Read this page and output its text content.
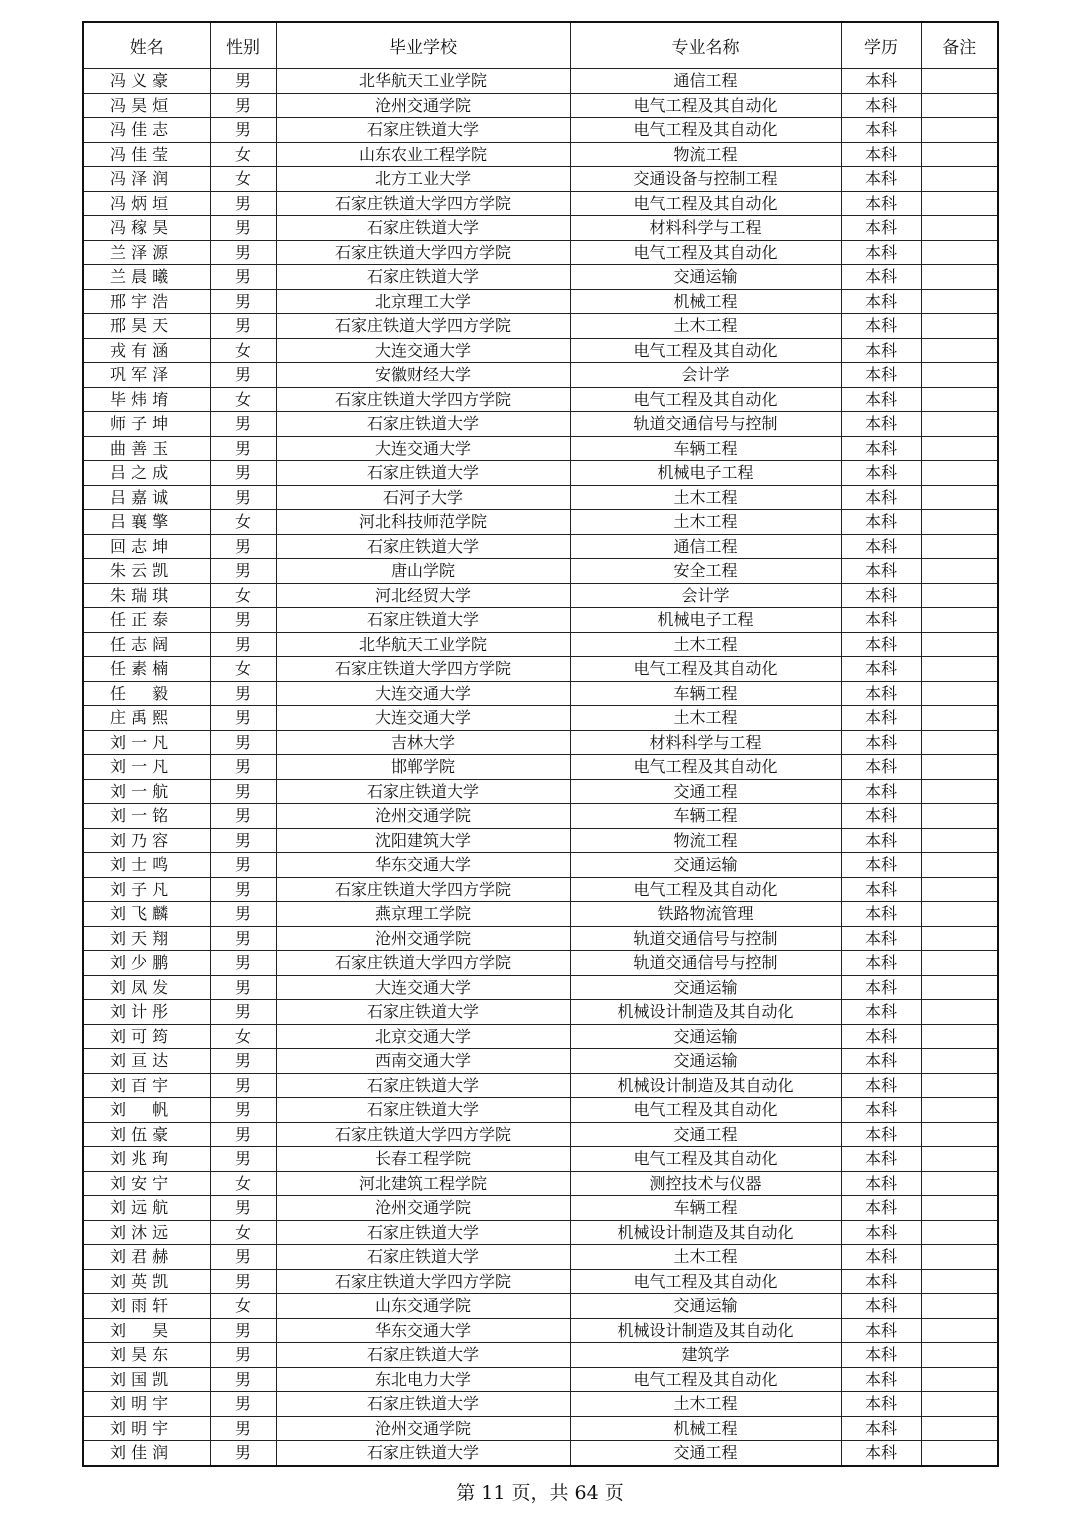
姓名	性别	毕业学校	专业名称	学历	备注
冯 义 豪	男	北华航天工业学院	通信工程	本科	
冯 昊 烜	男	沧州交通学院	电气工程及其自动化	本科	
冯 佳 志	男	石家庄铁道大学	电气工程及其自动化	本科	
冯 佳 莹	女	山东农业工程学院	物流工程	本科	
冯 泽 润	女	北方工业大学	交通设备与控制工程	本科	
冯 炳 垣	男	石家庄铁道大学四方学院	电气工程及其自动化	本科	
冯 稼 昊	男	石家庄铁道大学	材料科学与工程	本科	
兰 泽 源	男	石家庄铁道大学四方学院	电气工程及其自动化	本科	
兰 晨 曦	男	石家庄铁道大学	交通运输	本科	
邢 宇 浩	男	北京理工大学	机械工程	本科	
邢 昊 天	男	石家庄铁道大学四方学院	土木工程	本科	
戎 有 涵	女	大连交通大学	电气工程及其自动化	本科	
巩 军 泽	男	安徽财经大学	会计学	本科	
毕 炜 堉	女	石家庄铁道大学四方学院	电气工程及其自动化	本科	
师 子 坤	男	石家庄铁道大学	轨道交通信号与控制	本科	
曲 善 玉	男	大连交通大学	车辆工程	本科	
吕 之 成	男	石家庄铁道大学	机械电子工程	本科	
吕 嘉 诚	男	石河子大学	土木工程	本科	
吕 襄 擎	女	河北科技师范学院	土木工程	本科	
回 志 坤	男	石家庄铁道大学	通信工程	本科	
朱 云 凯	男	唐山学院	安全工程	本科	
朱 瑞 琪	女	河北经贸大学	会计学	本科	
任 正 泰	男	石家庄铁道大学	机械电子工程	本科	
任 志 阔	男	北华航天工业学院	土木工程	本科	
任 素 楠	女	石家庄铁道大学四方学院	电气工程及其自动化	本科	
任 　 毅	男	大连交通大学	车辆工程	本科	
庄 禹 熙	男	大连交通大学	土木工程	本科	
刘 一 凡	男	吉林大学	材料科学与工程	本科	
刘 一 凡	男	邯郸学院	电气工程及其自动化	本科	
刘 一 航	男	石家庄铁道大学	交通工程	本科	
刘 一 铭	男	沧州交通学院	车辆工程	本科	
刘 乃 容	男	沈阳建筑大学	物流工程	本科	
刘 士 鸣	男	华东交通大学	交通运输	本科	
刘 子 凡	男	石家庄铁道大学四方学院	电气工程及其自动化	本科	
刘 飞 麟	男	燕京理工学院	铁路物流管理	本科	
刘 天 翔	男	沧州交通学院	轨道交通信号与控制	本科	
刘 少 鹏	男	石家庄铁道大学四方学院	轨道交通信号与控制	本科	
刘 凤 发	男	大连交通大学	交通运输	本科	
刘 计 彤	男	石家庄铁道大学	机械设计制造及其自动化	本科	
刘 可 筠	女	北京交通大学	交通运输	本科	
刘 亘 达	男	西南交通大学	交通运输	本科	
刘 百 宇	男	石家庄铁道大学	机械设计制造及其自动化	本科	
刘 　 帆	男	石家庄铁道大学	电气工程及其自动化	本科	
刘 伍 豪	男	石家庄铁道大学四方学院	交通工程	本科	
刘 兆 珣	男	长春工程学院	电气工程及其自动化	本科	
刘 安 宁	女	河北建筑工程学院	测控技术与仪器	本科	
刘 远 航	男	沧州交通学院	车辆工程	本科	
刘 沐 远	女	石家庄铁道大学	机械设计制造及其自动化	本科	
刘 君 赫	男	石家庄铁道大学	土木工程	本科	
刘 英 凯	男	石家庄铁道大学四方学院	电气工程及其自动化	本科	
刘 雨 轩	女	山东交通学院	交通运输	本科	
刘 　 昊	男	华东交通大学	机械设计制造及其自动化	本科	
刘 昊 东	男	石家庄铁道大学	建筑学	本科	
刘 国 凯	男	东北电力大学	电气工程及其自动化	本科	
刘 明 宇	男	石家庄铁道大学	土木工程	本科	
刘 明 宇	男	沧州交通学院	机械工程	本科	
刘 佳 润	男	石家庄铁道大学	交通工程	本科	
第 11 页，共 64 页
